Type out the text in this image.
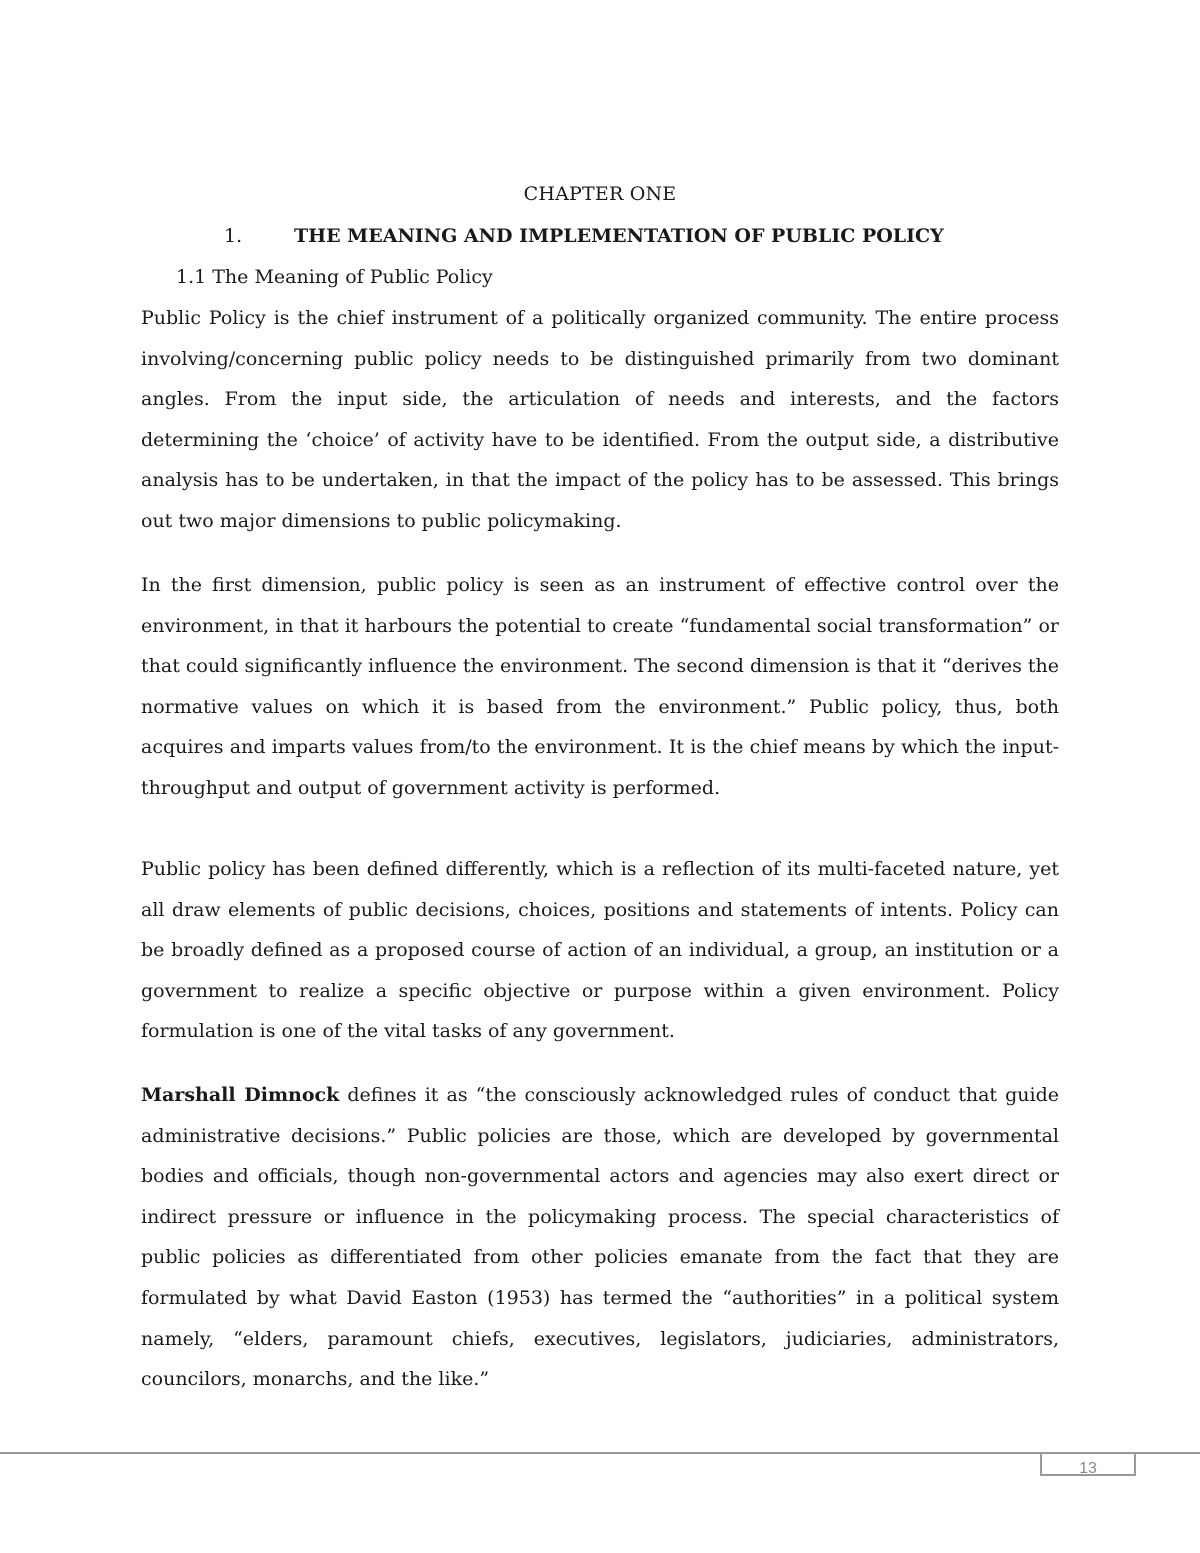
CHAPTER ONE
1.	THE MEANING AND IMPLEMENTATION OF PUBLIC POLICY
1.1 The Meaning of Public Policy

Public Policy is the chief instrument of a politically organized community. The entire process involving/concerning public policy needs to be distinguished primarily from two dominant angles. From the input side, the articulation of needs and interests, and the factors determining the ‘choice’ of activity have to be identified. From the output side, a distributive analysis has to be undertaken, in that the impact of the policy has to be assessed. This brings out two major dimensions to public policymaking.

In the first dimension, public policy is seen as an instrument of effective control over the environment, in that it harbours the potential to create “fundamental social transformation” or that could significantly influence the environment. The second dimension is that it “derives the normative values on which it is based from the environment.” Public policy, thus, both acquires and imparts values from/to the environment. It is the chief means by which the input-throughput and output of government activity is performed.

Public policy has been defined differently, which is a reflection of its multi-faceted nature, yet all draw elements of public decisions, choices, positions and statements of intents. Policy can be broadly defined as a proposed course of action of an individual, a group, an institution or a government to realize a specific objective or purpose within a given environment. Policy formulation is one of the vital tasks of any government.

Marshall Dimnock defines it as “the consciously acknowledged rules of conduct that guide administrative decisions.” Public policies are those, which are developed by governmental bodies and officials, though non-governmental actors and agencies may also exert direct or indirect pressure or influence in the policymaking process. The special characteristics of public policies as differentiated from other policies emanate from the fact that they are formulated by what David Easton (1953) has termed the “authorities” in a political system namely, “elders, paramount chiefs, executives, legislators, judiciaries, administrators, councilors, monarchs, and the like.”

13
